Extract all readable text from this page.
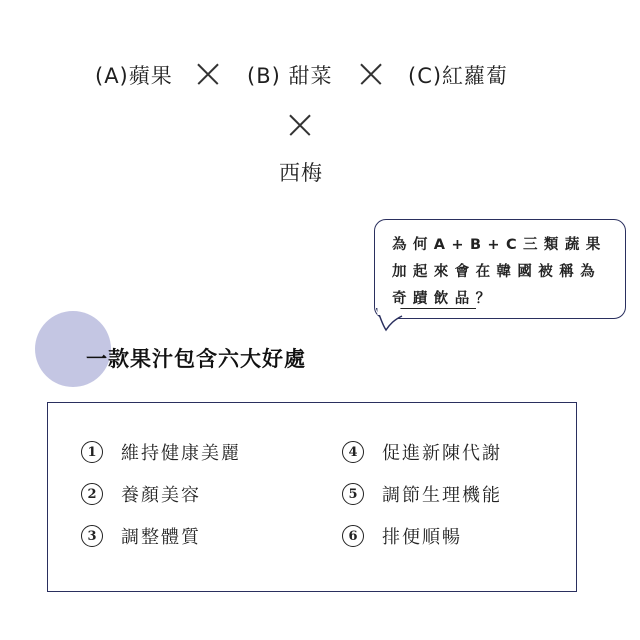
(A)蘋果	(B) 甜菜	(C)紅蘿蔔
西梅
為何A+B+C三類蔬果
加起來會在韓國被稱為
奇蹟飲品？
一款果汁包含六大好處
1	維持健康美麗
2	養顏美容
3	調整體質
4	促進新陳代謝
5	調節生理機能
6	排便順暢
